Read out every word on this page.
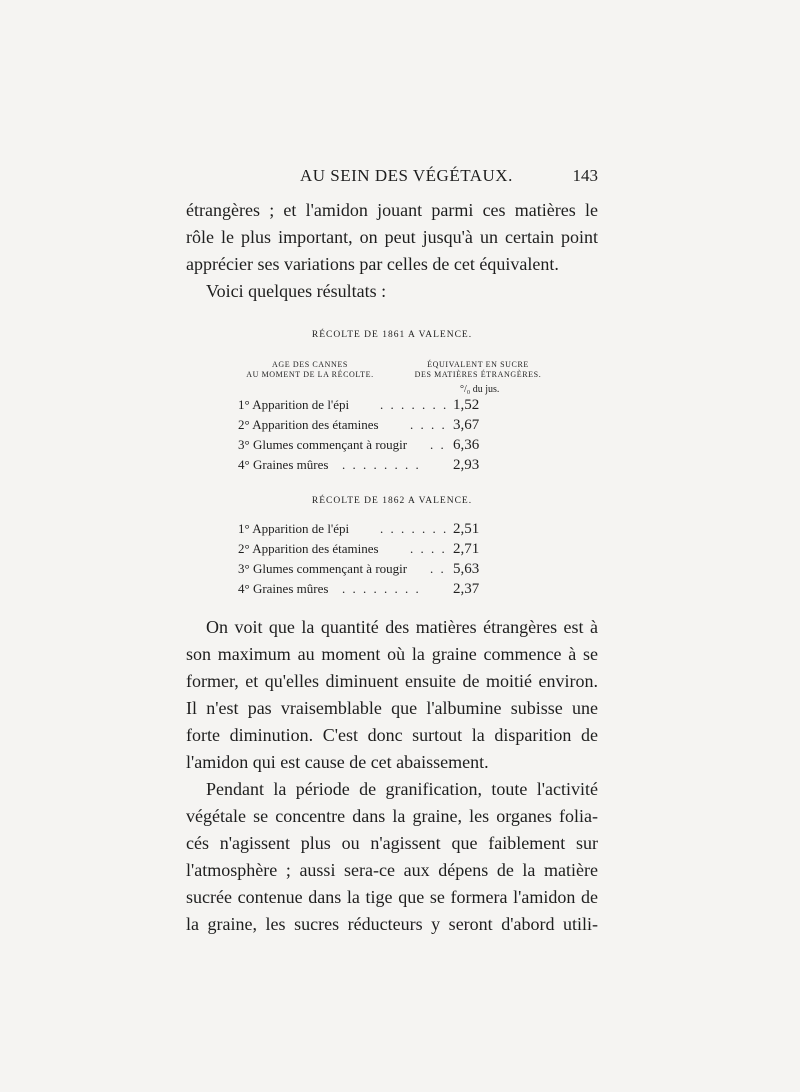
AU SEIN DES VÉGÉTAUX.	143

étrangères ; et l'amidon jouant parmi ces matières le
rôle le plus important, on peut jusqu'à un certain point
apprécier ses variations par celles de cet équivalent.
Voici quelques résultats :

RÉCOLTE DE 1861 A VALENCE.
AGE DES CANNES
AU MOMENT DE LA RÉCOLTE.
ÉQUIVALENT EN SUCRE
DES MATIÈRES ÉTRANGÈRES.
°/₀ du jus.
1° Apparition de l'épi . . . . . . . 1,52
2° Apparition des étamines . . . . 3,67
3° Glumes commençant à rougir . . 6,36
4° Graines mûres . . . . . . . . 2,93
RÉCOLTE DE 1862 A VALENCE.
1° Apparition de l'épi . . . . . . . 2,51
2° Apparition des étamines . . . . 2,71
3° Glumes commençant à rougir . . 5,63
4° Graines mûres . . . . . . . . 2,37

On voit que la quantité des matières étrangères est à
son maximum au moment où la graine commence à se
former, et qu'elles diminuent ensuite de moitié environ.
Il n'est pas vraisemblable que l'albumine subisse une
forte diminution. C'est donc surtout la disparition de
l'amidon qui est cause de cet abaissement.

Pendant la période de granification, toute l'activité
végétale se concentre dans la graine, les organes folia-
cés n'agissent plus ou n'agissent que faiblement sur
l'atmosphère ; aussi sera-ce aux dépens de la matière
sucrée contenue dans la tige que se formera l'amidon de
la graine, les sucres réducteurs y seront d'abord utili-
